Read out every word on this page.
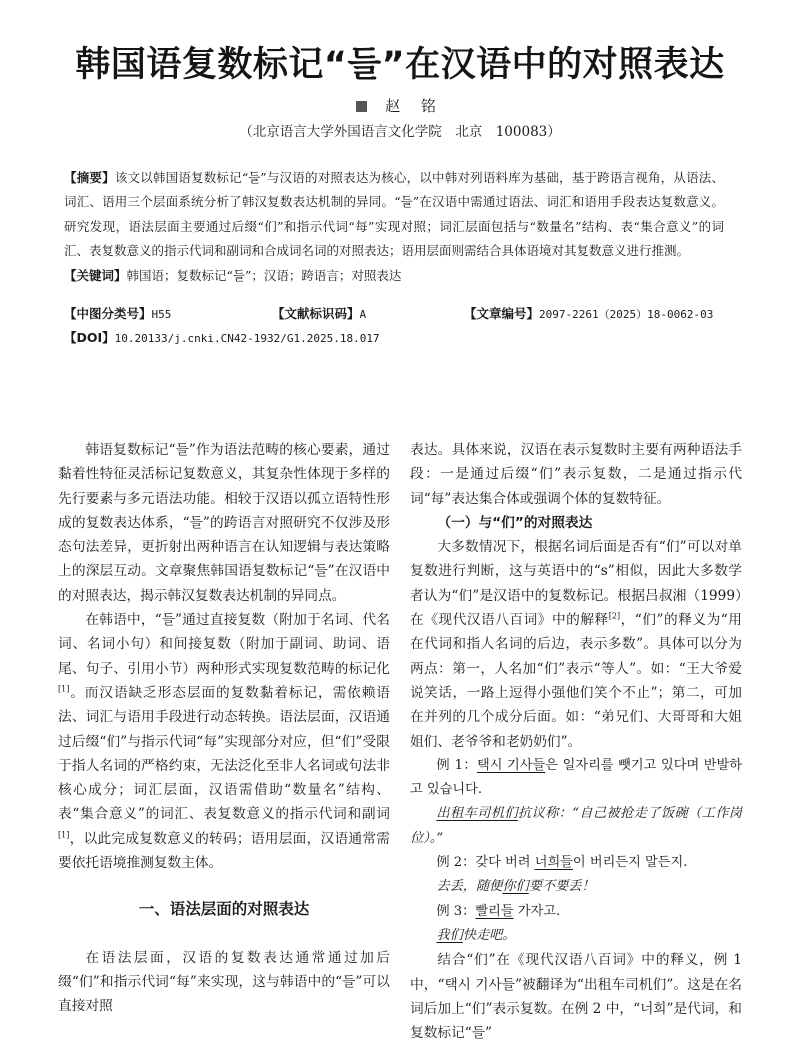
韩国语复数标记“들”在汉语中的对照表达
赵 铭
（北京语言大学外国语言文化学院　北京　100083）

【摘要】该文以韩国语复数标记“들”与汉语的对照表达为核心，以中韩对列语料库为基础，基于跨语言视角，从语法、词汇、语用三个层面系统分析了韩汉复数表达机制的异同。“들”在汉语中需通过语法、词汇和语用手段表达复数意义。研究发现，语法层面主要通过后缀“们”和指示代词“每”实现对照；词汇层面包括与“数量名”结构、表“集合意义”的词汇、表复数意义的指示代词和副词和合成词名词的对照表达；语用层面则需结合具体语境对其复数意义进行推测。

【关键词】韩国语；复数标记“들”；汉语；跨语言；对照表达

【中图分类号】H55	【文献标识码】A	【文章编号】2097-2261（2025）18-0062-03
【DOI】10.20133/j.cnki.CN42-1932/G1.2025.18.017

韩语复数标记“들”作为语法范畴的核心要素，通过黏着性特征灵活标记复数意义，其复杂性体现于多样的先行要素与多元语法功能。相较于汉语以孤立语特性形成的复数表达体系，“들”的跨语言对照研究不仅涉及形态句法差异，更折射出两种语言在认知逻辑与表达策略上的深层互动。文章聚焦韩国语复数标记“들”在汉语中的对照表达，揭示韩汉复数表达机制的异同点。

在韩语中，“들”通过直接复数（附加于名词、代名词、名词小句）和间接复数（附加于副词、助词、语尾、句子、引用小节）两种形式实现复数范畴的标记化[1]。而汉语缺乏形态层面的复数黏着标记，需依赖语法、词汇与语用手段进行动态转换。语法层面，汉语通过后缀“们”与指示代词“每”实现部分对应，但“们”受限于指人名词的严格约束，无法泛化至非人名词或句法非核心成分；词汇层面，汉语需借助“数量名”结构、表“集合意义”的词汇、表复数意义的指示代词和副词[1]，以此完成复数意义的转码；语用层面，汉语通常需要依托语境推测复数主体。

一、语法层面的对照表达

在语法层面，汉语的复数表达通常通过加后缀“们”和指示代词“每”来实现，这与韩语中的“들”可以直接对照

表达。具体来说，汉语在表示复数时主要有两种语法手段：一是通过后缀“们”表示复数，二是通过指示代词“每”表达集合体或强调个体的复数特征。

（一）与“们”的对照表达

大多数情况下，根据名词后面是否有“们”可以对单复数进行判断，这与英语中的“s”相似，因此大多数学者认为“们”是汉语中的复数标记。根据吕叔湘（1999）在《现代汉语八百词》中的解释[2]，“们”的释义为“用在代词和指人名词的后边，表示多数”。具体可以分为两点：第一，人名加“们”表示“等人”。如：“王大爷爱说笑话，一路上逗得小强他们笑个不止”；第二，可加在并列的几个成分后面。如：“弟兄们、大哥哥和大姐姐们、老爷爷和老奶奶们”。

例 1：택시 기사들은 일자리를 뺏기고 있다며 반발하고 있습니다.

出租车司机们抗议称：“自己被抢走了饭碗（工作岗位）。”

例 2：갖다 버려 너희들이 버리든지 말든지.

去丢，随便你们要不要丢！

例 3：빨리들 가자고.

我们快走吧。

结合“们”在《现代汉语八百词》中的释义，例 1 中，“택시 기사들”被翻译为“出租车司机们”。这是在名词后加上“们”表示复数。在例 2 中，“너희”是代词，和复数标记“들”
